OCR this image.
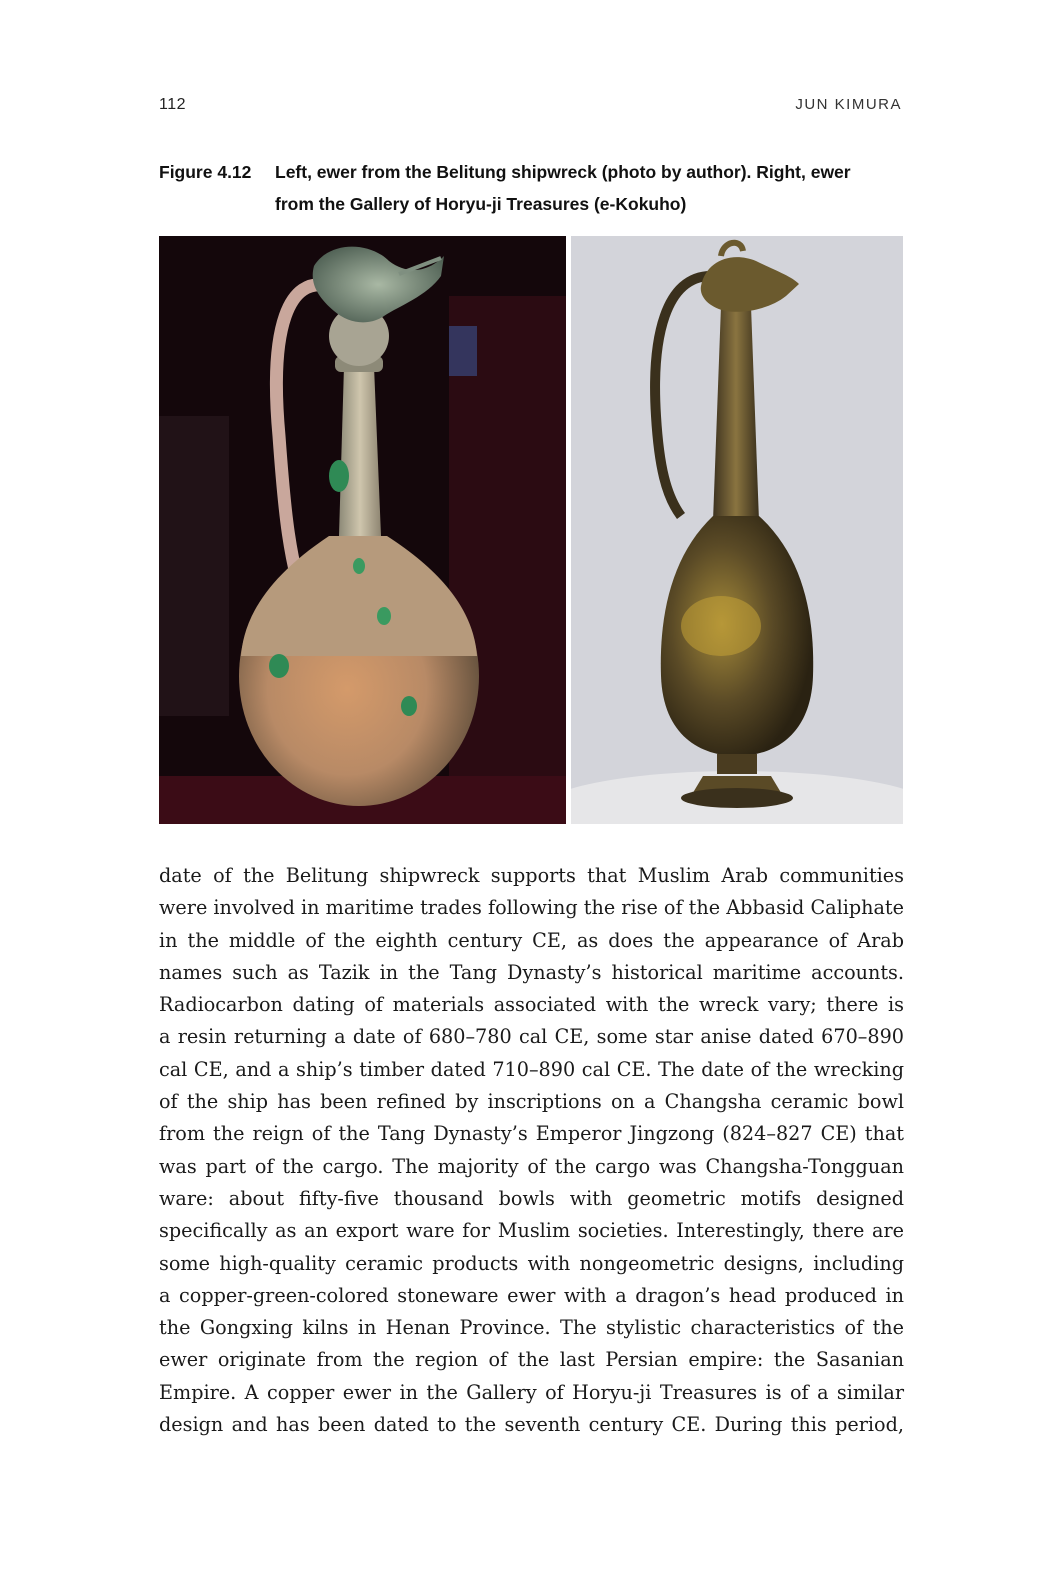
112	JUN KIMURA
Figure 4.12	Left, ewer from the Belitung shipwreck (photo by author). Right, ewer
from the Gallery of Horyu-ji Treasures (e-Kokuho)
date of the Belitung shipwreck supports that Muslim Arab communities
were involved in maritime trades following the rise of the Abbasid Caliphate
in the middle of the eighth century CE, as does the appearance of Arab
names such as Tazik in the Tang Dynasty’s historical maritime accounts.
Radiocarbon dating of materials associated with the wreck vary; there is
a resin returning a date of 680–780 cal CE, some star anise dated 670–890
cal CE, and a ship’s timber dated 710–890 cal CE. The date of the wrecking
of the ship has been refined by inscriptions on a Changsha ceramic bowl
from the reign of the Tang Dynasty’s Emperor Jingzong (824–827 CE) that
was part of the cargo. The majority of the cargo was Changsha-Tongguan
ware: about fifty-five thousand bowls with geometric motifs designed
specifically as an export ware for Muslim societies. Interestingly, there are
some high-quality ceramic products with nongeometric designs, including
a copper-green-colored stoneware ewer with a dragon’s head produced in
the Gongxing kilns in Henan Province. The stylistic characteristics of the
ewer originate from the region of the last Persian empire: the Sasanian
Empire. A copper ewer in the Gallery of Horyu-ji Treasures is of a similar
design and has been dated to the seventh century CE. During this period,
